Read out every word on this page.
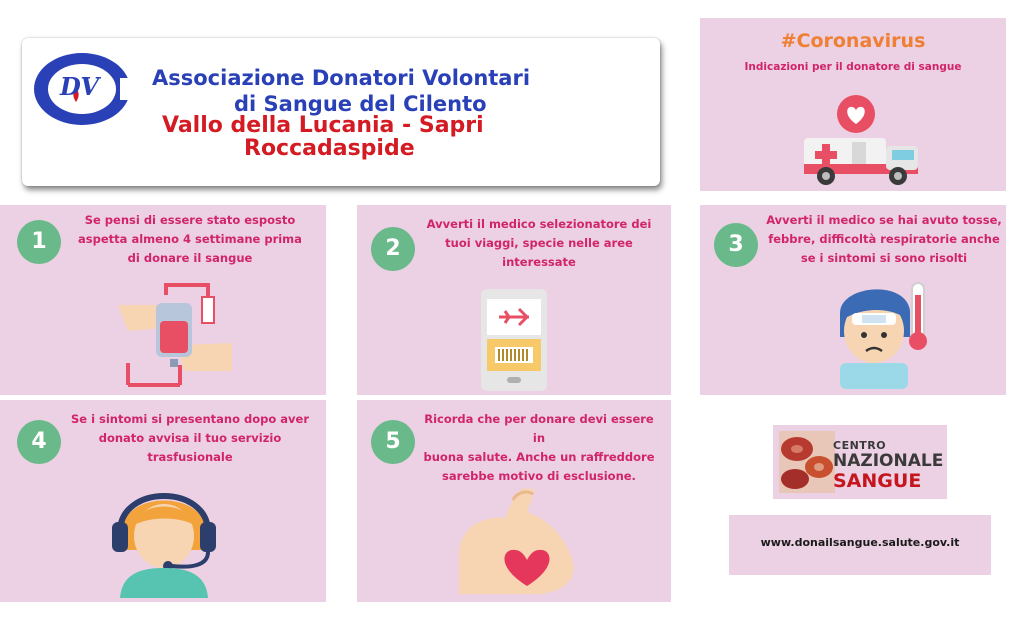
DV	Associazione Donatori Volontari
di Sangue del Cilento
Vallo della Lucania - Sapri
Roccadaspide
#Coronavirus
Indicazioni per il donatore di sangue
1
Se pensi di essere stato esposto
aspetta almeno 4 settimane prima
di donare il sangue	2
Avverti il medico selezionatore dei
tuoi viaggi, specie nelle aree
interessate
3
Avverti il medico se hai avuto tosse,
febbre, difficoltà respiratorie anche
se i sintomi si sono risolti
4
Se i sintomi si presentano dopo aver
donato avvisa il tuo servizio
trasfusionale
5
Ricorda che per donare devi essere in
buona salute. Anche un raffreddore
sarebbe motivo di esclusione.
CENTRO
NAZIONALE
SANGUE
www.donailsangue.salute.gov.it
